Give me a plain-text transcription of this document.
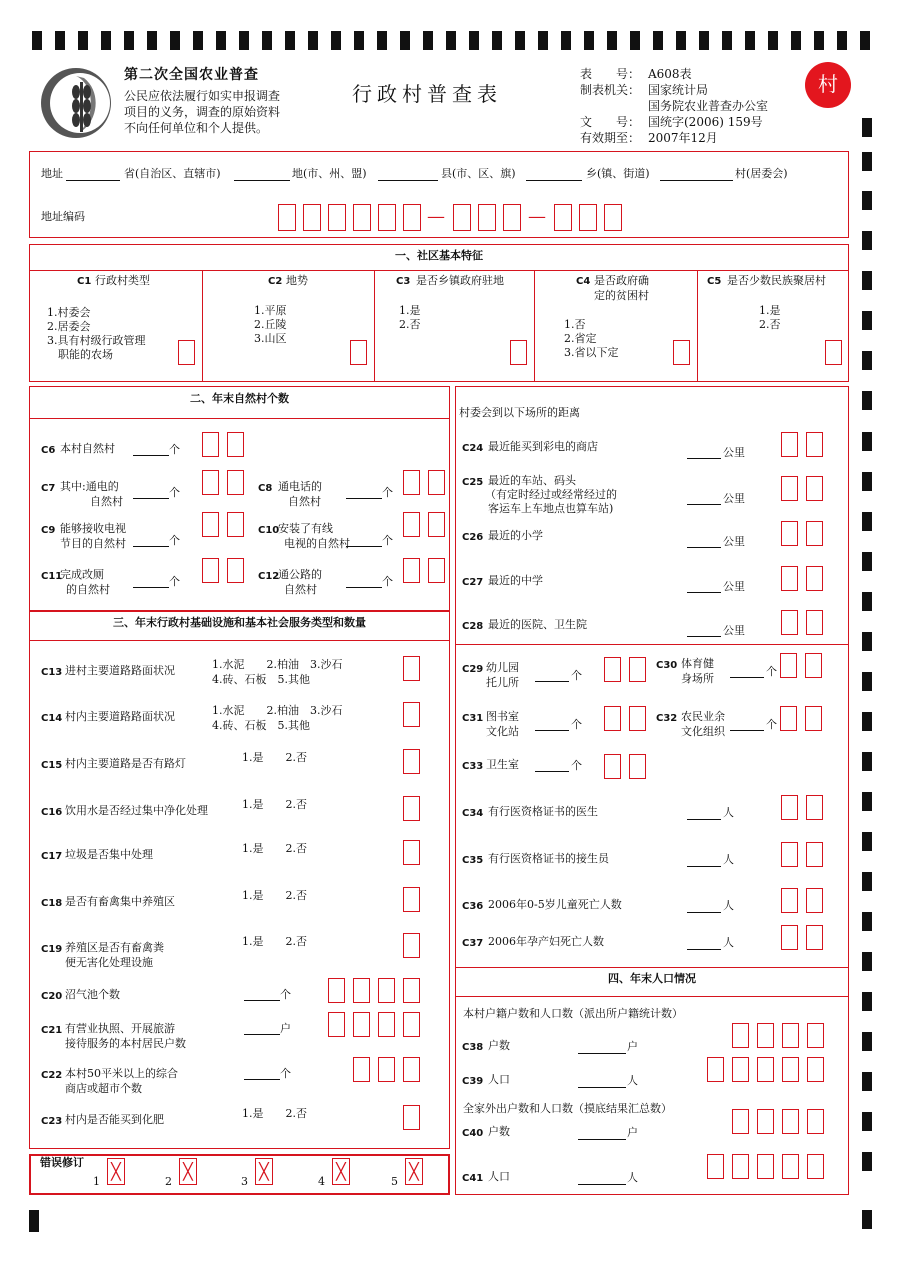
第二次全国农业普查
公民应依法履行如实申报调查
项目的义务，调查的原始资料
不向任何单位和个人提供。
行政村普查表	村
地址编码
一、社区基本特征
二、年末自然村个数
三、年末行政村基础设施和基本社会服务类型和数量
错误修订
村委会到以下场所的距离
四、年末人口情况
本村户籍户数和人口数（派出所户籍统计数）
全家外出户数和人口数（摸底结果汇总数）
表　　号： A608表
制表机关： 国家统计局
国务院农业普查办公室
文　　号： 国统字(2006) 159号
有效期至： 2007年12月
地址	省(自治区、直辖市)	地(市、州、盟)	县(市、区、旗)	乡(镇、街道)	村(居委会)
—	—
C1 行政村类型
1.村委会
2.居委会
3.具有村级行政管理
　职能的农场
C2 地势
1.平原
2.丘陵
3.山区
C3 是否乡镇政府驻地
1.是
2.否
C4 是否政府确
定的贫困村
1.否
2.省定
3.省以下定
C5 是否少数民族聚居村
1.是
2.否
C6 本村自然村	个
C7 其中:通电的
自然村
个	C8 通电话的
自然村
个
C9 能够接收电视
节目的自然村	个
C10
安装了有线
电视的自然村	个
C11
完成改厕
的自然村
个	C12
通公路的
自然村
个
C13 进村主要道路路面状况	1.水泥　　2.柏油　3.沙石
4.砖、石板　5.其他
C14 村内主要道路路面状况	1.水泥　　2.柏油　3.沙石
4.砖、石板　5.其他
C15 村内主要道路是否有路灯	1.是　　2.否
C16 饮用水是否经过集中净化处理	1.是　　2.否
C17 垃圾是否集中处理	1.是　　2.否
C18 是否有畜禽集中养殖区	1.是　　2.否
C19 养殖区是否有畜禽粪
便无害化处理设施
1.是　　2.否
C20 沼气池个数	个
C21 有营业执照、开展旅游
接待服务的本村居民户数
户
C22 本村50平米以上的综合
商店或超市个数
个
C23 村内是否能买到化肥	1.是　　2.否
1
╳
2
╳
3
╳
4
╳
5
╳
C24 最近能买到彩电的商店	公里
C25 最近的车站、码头
（有定时经过或经常经过的
客运车上车地点也算车站)
公里
C26 最近的小学	公里
C27 最近的中学	公里
C28 最近的医院、卫生院	公里
C29 幼儿园
托儿所
个
C30 体育健
身场所
个
C31 图书室
文化站
个	C32 农民业余
文化组织
个
C33 卫生室	个
C34 有行医资格证书的医生	人
C35 有行医资格证书的接生员	人
C36 2006年0-5岁儿童死亡人数	人
C37 2006年孕产妇死亡人数	人
C38 户数	户
C39 人口	人
C40 户数	户
C41 人口	人
